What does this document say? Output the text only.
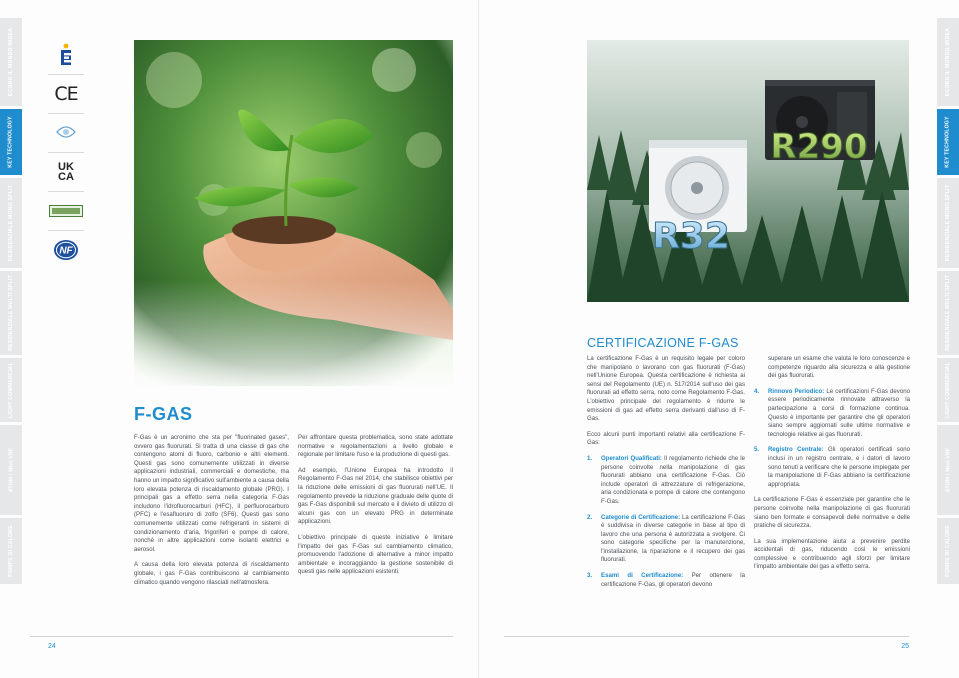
ECORN IL MONDO MIDEA
KEY TECHNOLOGY
RESIDENZIALE MONO SPLIT
RESIDENZIALE MULTI SPLIT
LIGHT COMMERCIAL
ATOM / Mini-VRF
POMPE DI CALORE
CE
UK
CA
NF
F-GAS

F-Gas è un acronimo che sta per "fluorinated gases", ovvero gas fluorurati. Si tratta di una classe di gas che contengono atomi di fluoro, carbonio e altri elementi. Questi gas sono comunemente utilizzati in diverse applicazioni industriali, commerciali e domestiche, ma hanno un impatto significativo sull'ambiente a causa della loro elevata potenza di riscaldamento globale (PRG). I principali gas a effetto serra nella categoria F-Gas includono l'idrofluorocarburi (HFC), il perfluorocarburo (PFC) e l'esafluoruro di zolfo (SF6). Questi gas sono comunemente utilizzati come refrigeranti in sistemi di condizionamento d'aria, frigoriferi e pompe di calore, nonché in altre applicazioni come isolanti elettrici e aerosol.

A causa della loro elevata potenza di riscaldamento globale, i gas F-Gas contribuiscono al cambiamento climatico quando vengono rilasciati nell'atmosfera.

Per affrontare questa problematica, sono state adottate normative e regolamentazioni a livello globale e regionale per limitare l'uso e la produzione di questi gas.

Ad esempio, l'Unione Europea ha introdotto il Regolamento F-Gas nel 2014, che stabilisce obiettivi per la riduzione delle emissioni di gas fluorurati nell'UE. Il regolamento prevede la riduzione graduale delle quote di gas F-Gas disponibili sul mercato e il divieto di utilizzo di alcuni gas con un elevato PRG in determinate applicazioni.

L'obiettivo principale di queste iniziative è limitare l'impatto dei gas F-Gas sul cambiamento climatico, promuovendo l'adozione di alternative a minor impatto ambientale e incoraggiando la gestione sostenibile di questi gas nelle applicazioni esistenti.

24
ECORN IL MONDO MIDEA
KEY TECHNOLOGY
RESIDENZIALE MONO SPLIT
RESIDENZIALE MULTI SPLIT
LIGHT COMMERCIAL
ATOM / Mini-VRF
POMPE DI CALORE
R290
R32
CERTIFICAZIONE F-GAS

La certificazione F-Gas è un requisito legale per coloro che manipolano o lavorano con gas fluorurati (F-Gas) nell'Unione Europea. Questa certificazione è richiesta ai sensi del Regolamento (UE) n. 517/2014 sull'uso dei gas fluorurati ad effetto serra, noto come Regolamento F-Gas. L'obiettivo principale del regolamento è ridurre le emissioni di gas ad effetto serra derivanti dall'uso di F-Gas.

Ecco alcuni punti importanti relativi alla certificazione F-Gas:

1. Operatori Qualificati: Il regolamento richiede che le persone coinvolte nella manipolazione di gas fluorurati abbiano una certificazione F-Gas. Ciò include operatori di attrezzature di refrigerazione, aria condizionata e pompe di calore che contengono F-Gas.
2. Categorie di Certificazione: La certificazione F-Gas è suddivisa in diverse categorie in base al tipo di lavoro che una persona è autorizzata a svolgere. Ci sono categorie specifiche per la manutenzione, l'installazione, la riparazione e il recupero dei gas fluorurati.
3. Esami di Certificazione: Per ottenere la certificazione F-Gas, gli operatori devono

superare un esame che valuta le loro conoscenze e competenze riguardo alla sicurezza e alla gestione dei gas fluorurati.

4. Rinnovo Periodico: Le certificazioni F-Gas devono essere periodicamente rinnovate attraverso la partecipazione a corsi di formazione continua. Questo è importante per garantire che gli operatori siano sempre aggiornati sulle ultime normative e tecnologie relative ai gas fluorurati.
5. Registro Centrale: Gli operatori certificati sono inclusi in un registro centrale, e i datori di lavoro sono tenuti a verificare che le persone impiegate per la manipolazione di F-Gas abbiano la certificazione appropriata.

La certificazione F-Gas è essenziale per garantire che le persone coinvolte nella manipolazione di gas fluorurati siano ben formate e consapevoli delle normative e delle pratiche di sicurezza.

La sua implementazione aiuta a prevenire perdite accidentali di gas, riducendo così le emissioni complessive e contribuendo agli sforzi per limitare l'impatto ambientale dei gas a effetto serra.

25
